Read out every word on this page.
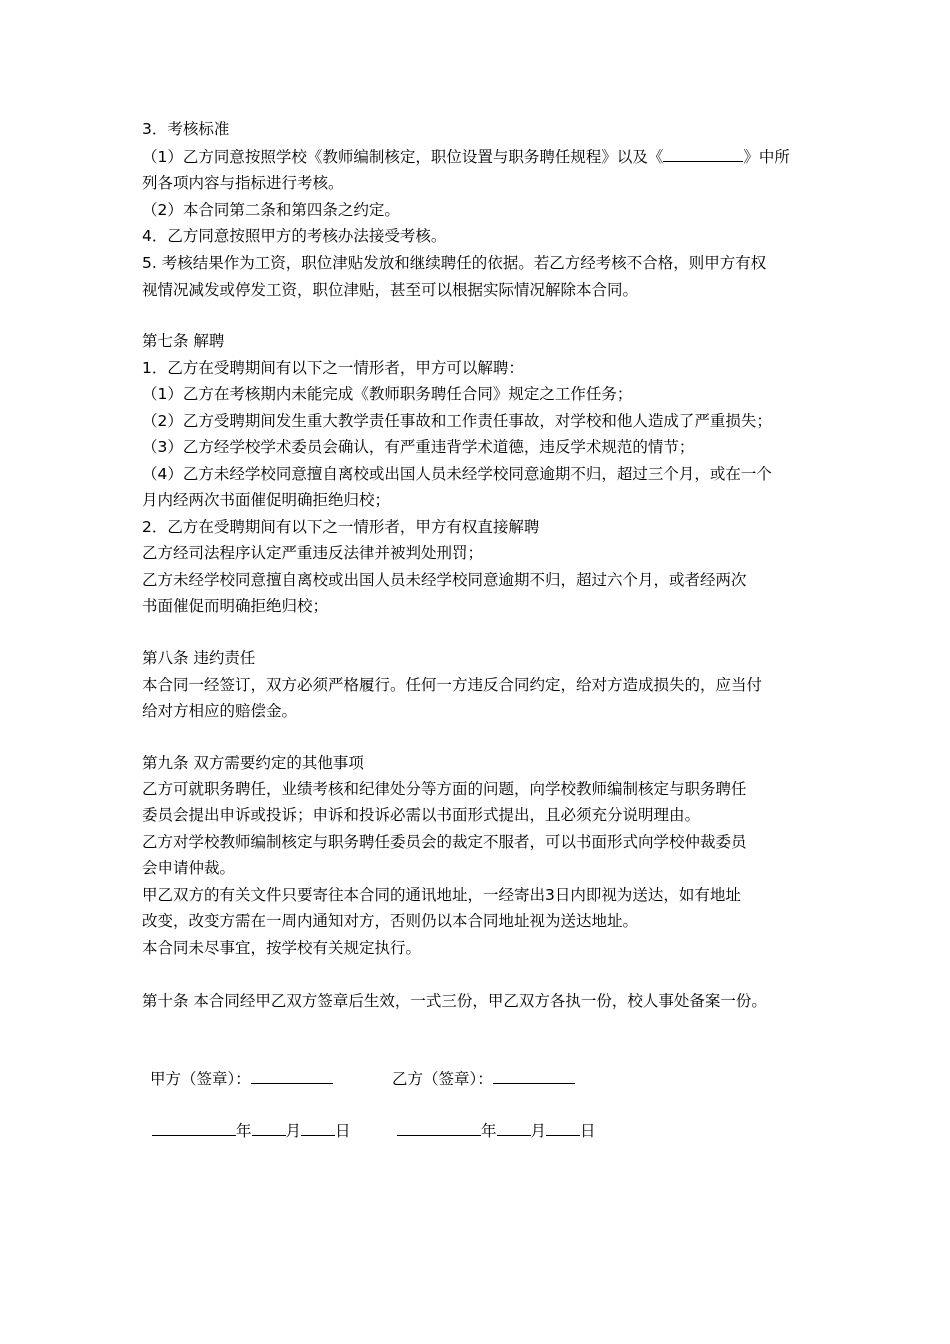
3．考核标准
（1）乙方同意按照学校《教师编制核定，职位设置与职务聘任规程》以及《	》中所
列各项内容与指标进行考核。
（2）本合同第二条和第四条之约定。
4．乙方同意按照甲方的考核办法接受考核。
5. 考核结果作为工资，职位津贴发放和继续聘任的依据。若乙方经考核不合格，则甲方有权
视情况减发或停发工资，职位津贴，甚至可以根据实际情况解除本合同。
第七条 解聘
1．乙方在受聘期间有以下之一情形者，甲方可以解聘：
（1）乙方在考核期内未能完成《教师职务聘任合同》规定之工作任务；
（2）乙方受聘期间发生重大教学责任事故和工作责任事故，对学校和他人造成了严重损失；
（3）乙方经学校学术委员会确认，有严重违背学术道德，违反学术规范的情节；
（4）乙方未经学校同意擅自离校或出国人员未经学校同意逾期不归，超过三个月，或在一个
月内经两次书面催促明确拒绝归校；
2．乙方在受聘期间有以下之一情形者，甲方有权直接解聘
乙方经司法程序认定严重违反法律并被判处刑罚；
乙方未经学校同意擅自离校或出国人员未经学校同意逾期不归，超过六个月，或者经两次
书面催促而明确拒绝归校；
第八条 违约责任
本合同一经签订，双方必须严格履行。任何一方违反合同约定，给对方造成损失的，应当付
给对方相应的赔偿金。
第九条 双方需要约定的其他事项
乙方可就职务聘任，业绩考核和纪律处分等方面的问题，向学校教师编制核定与职务聘任
委员会提出申诉或投诉；申诉和投诉必需以书面形式提出，且必须充分说明理由。
乙方对学校教师编制核定与职务聘任委员会的裁定不服者，可以书面形式向学校仲裁委员
会申请仲裁。
甲乙双方的有关文件只要寄往本合同的通讯地址，一经寄出3日内即视为送达，如有地址
改变，改变方需在一周内通知对方，否则仍以本合同地址视为送达地址。
本合同未尽事宜，按学校有关规定执行。
第十条 本合同经甲乙双方签章后生效，一式三份，甲乙双方各执一份，校人事处备案一份。
甲方（签章）：	乙方（签章）：
年 月 日	年 月 日
